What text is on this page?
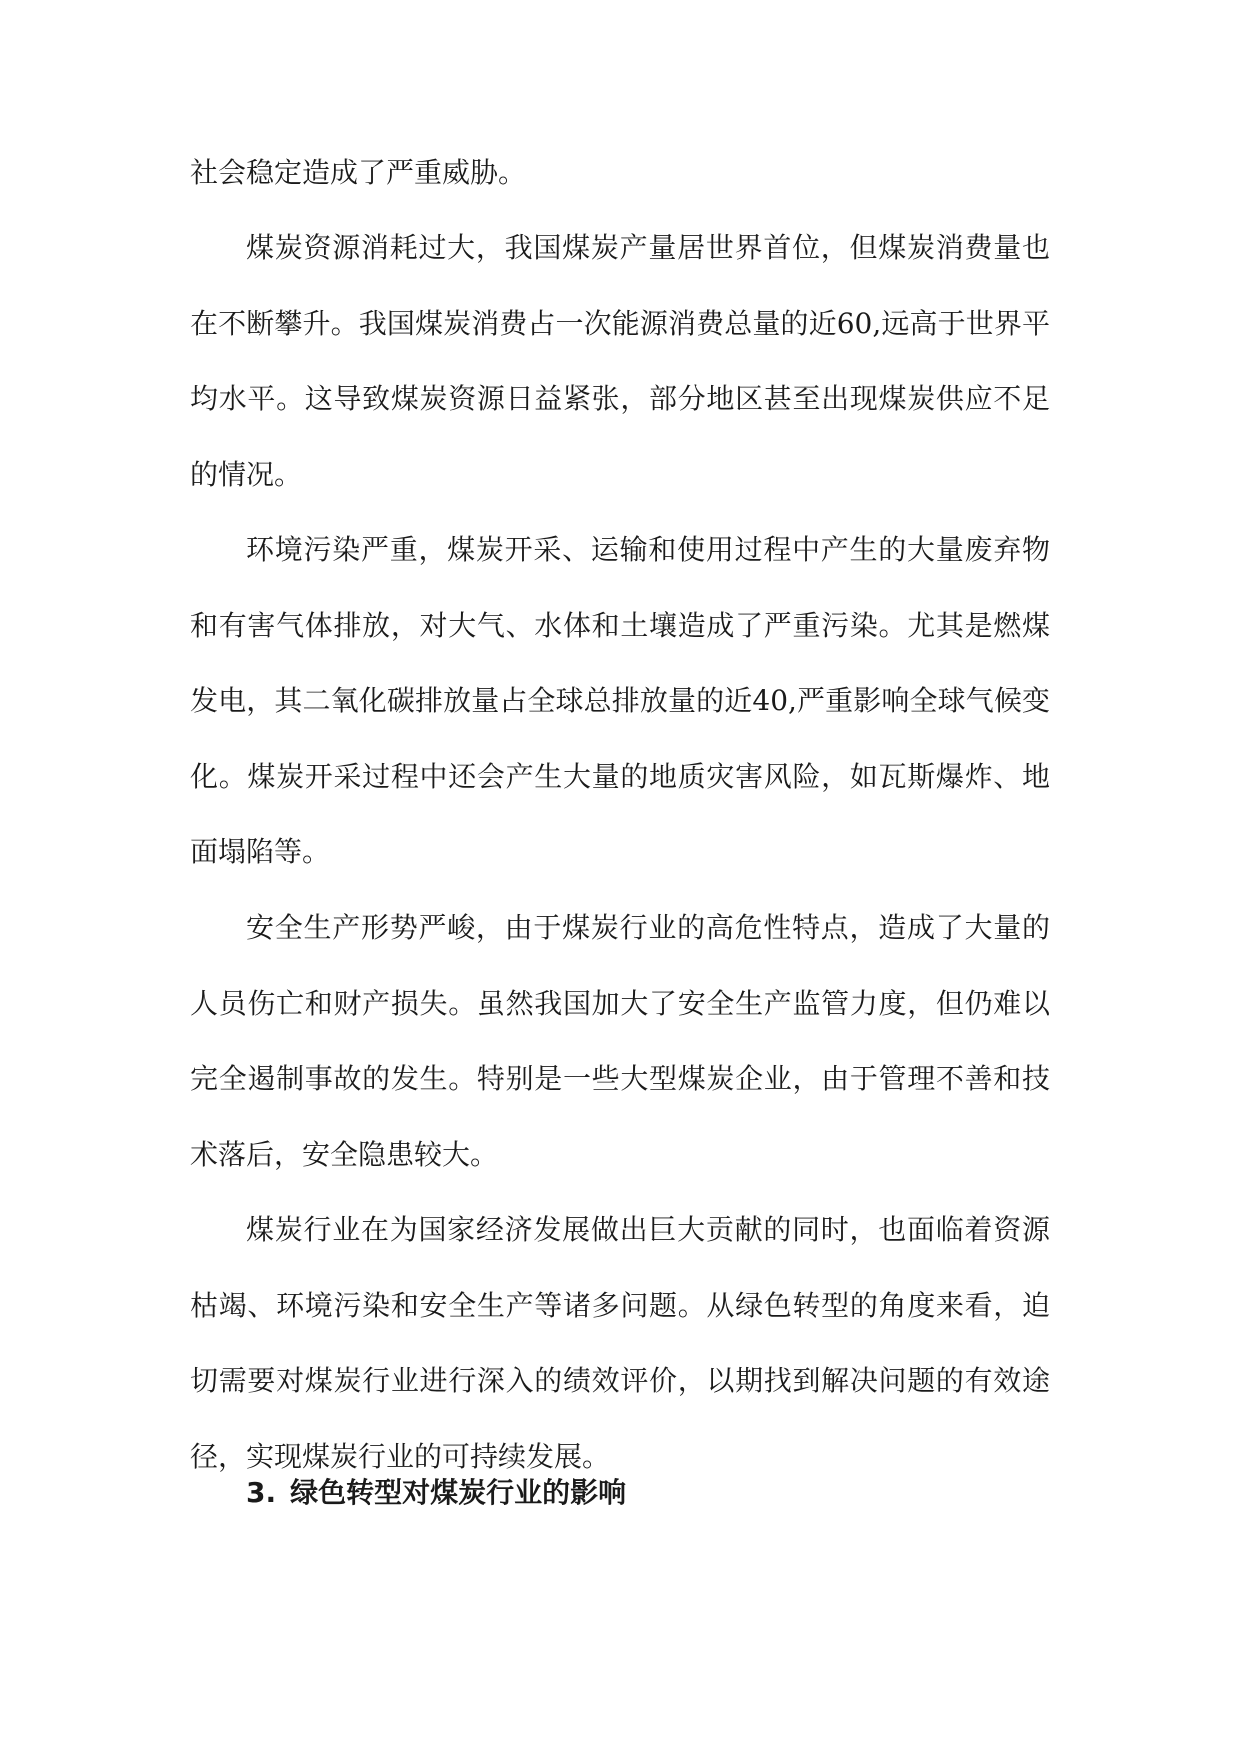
社会稳定造成了严重威胁。

煤炭资源消耗过大，我国煤炭产量居世界首位，但煤炭消费量也在不断攀升。我国煤炭消费占一次能源消费总量的近60,远高于世界平均水平。这导致煤炭资源日益紧张，部分地区甚至出现煤炭供应不足的情况。

环境污染严重，煤炭开采、运输和使用过程中产生的大量废弃物和有害气体排放，对大气、水体和土壤造成了严重污染。尤其是燃煤发电，其二氧化碳排放量占全球总排放量的近40,严重影响全球气候变化。煤炭开采过程中还会产生大量的地质灾害风险，如瓦斯爆炸、地面塌陷等。

安全生产形势严峻，由于煤炭行业的高危性特点，造成了大量的人员伤亡和财产损失。虽然我国加大了安全生产监管力度，但仍难以完全遏制事故的发生。特别是一些大型煤炭企业，由于管理不善和技术落后，安全隐患较大。

煤炭行业在为国家经济发展做出巨大贡献的同时，也面临着资源枯竭、环境污染和安全生产等诸多问题。从绿色转型的角度来看，迫切需要对煤炭行业进行深入的绩效评价，以期找到解决问题的有效途径，实现煤炭行业的可持续发展。

3. 绿色转型对煤炭行业的影响
